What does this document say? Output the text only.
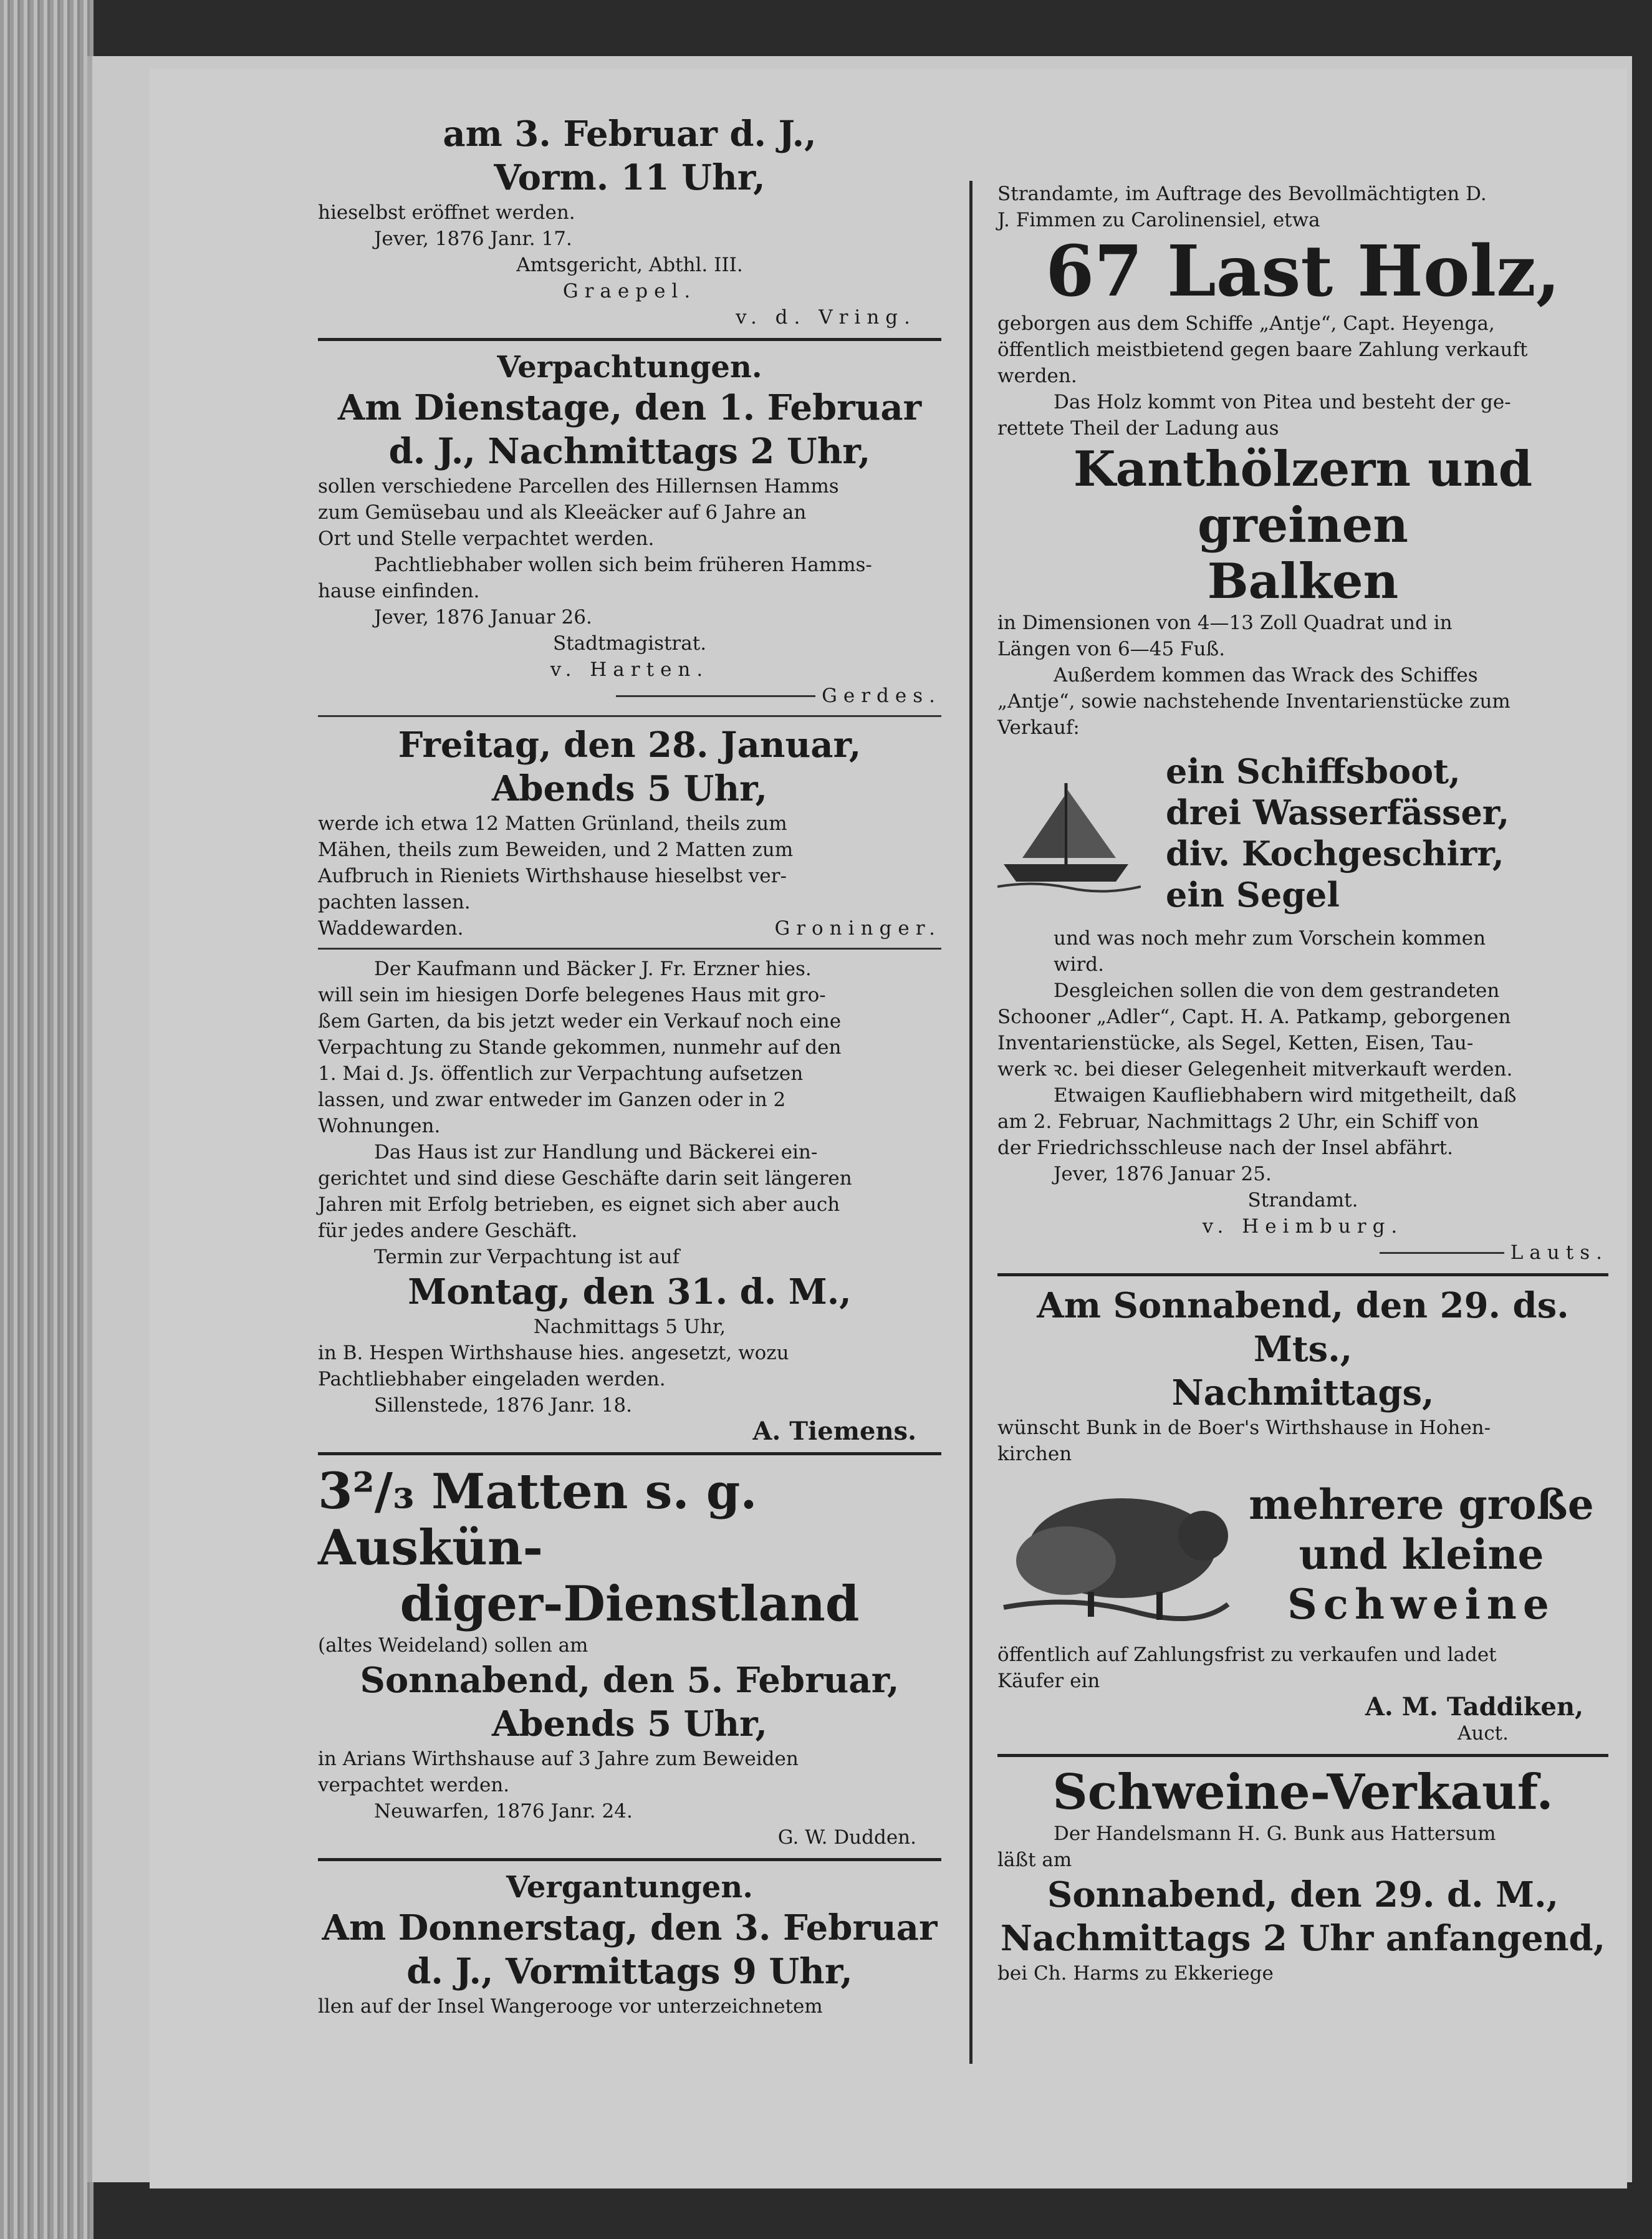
am 3. Februar d. J.,

Vorm. 11 Uhr,

hieselbst eröffnet werden.

Jever, 1876 Janr. 17.

Amtsgericht, Abthl. III.

Graepel.

v. d. Vring.

Verpachtungen.

Am Dienstage, den 1. Februar

d. J., Nachmittags 2 Uhr,

sollen verschiedene Parcellen des Hillernsen Hamms

zum Gemüsebau und als Kleeäcker auf 6 Jahre an

Ort und Stelle verpachtet werden.

Pachtliebhaber wollen sich beim früheren Hamms-

hause einfinden.

Jever, 1876 Januar 26.

Stadtmagistrat.

v. Harten.

Gerdes.

Freitag, den 28. Januar,

Abends 5 Uhr,

werde ich etwa 12 Matten Grünland, theils zum

Mähen, theils zum Beweiden, und 2 Matten zum

Aufbruch in Rieniets Wirthshause hieselbst ver-

pachten lassen.

Waddewarden.	Groninger.

Der Kaufmann und Bäcker J. Fr. Erzner hies.

will sein im hiesigen Dorfe belegenes Haus mit gro-

ßem Garten, da bis jetzt weder ein Verkauf noch eine

Verpachtung zu Stande gekommen, nunmehr auf den

1. Mai d. Js. öffentlich zur Verpachtung aufsetzen

lassen, und zwar entweder im Ganzen oder in 2

Wohnungen.

Das Haus ist zur Handlung und Bäckerei ein-

gerichtet und sind diese Geschäfte darin seit längeren

Jahren mit Erfolg betrieben, es eignet sich aber auch

für jedes andere Geschäft.

Termin zur Verpachtung ist auf

Montag, den 31. d. M.,

Nachmittags 5 Uhr,

in B. Hespen Wirthshause hies. angesetzt, wozu

Pachtliebhaber eingeladen werden.

Sillenstede, 1876 Janr. 18.

A. Tiemens.

3²/₃ Matten s. g. Auskün-

diger-Dienstland

(altes Weideland) sollen am

Sonnabend, den 5. Februar,

Abends 5 Uhr,

in Arians Wirthshause auf 3 Jahre zum Beweiden

verpachtet werden.

Neuwarfen, 1876 Janr. 24.

G. W. Dudden.

Vergantungen.

Am Donnerstag, den 3. Februar

d. J., Vormittags 9 Uhr,

llen auf der Insel Wangerooge vor unterzeichnetem

Strandamte, im Auftrage des Bevollmächtigten D.

J. Fimmen zu Carolinensiel, etwa

67 Last Holz,

geborgen aus dem Schiffe „Antje“, Capt. Heyenga,

öffentlich meistbietend gegen baare Zahlung verkauft

werden.

Das Holz kommt von Pitea und besteht der ge-

rettete Theil der Ladung aus

Kanthölzern und greinen

Balken

in Dimensionen von 4—13 Zoll Quadrat und in

Längen von 6—45 Fuß.

Außerdem kommen das Wrack des Schiffes

„Antje“, sowie nachstehende Inventarienstücke zum

Verkauf:

ein Schiffsboot,

drei Wasserfässer,

div. Kochgeschirr,

ein Segel

und was noch mehr zum Vorschein kommen

wird.

Desgleichen sollen die von dem gestrandeten

Schooner „Adler“, Capt. H. A. Patkamp, geborgenen

Inventarienstücke, als Segel, Ketten, Eisen, Tau-

werk ꝛc. bei dieser Gelegenheit mitverkauft werden.

Etwaigen Kaufliebhabern wird mitgetheilt, daß

am 2. Februar, Nachmittags 2 Uhr, ein Schiff von

der Friedrichsschleuse nach der Insel abfährt.

Jever, 1876 Januar 25.

Strandamt.

v. Heimburg.

Lauts.

Am Sonnabend, den 29. ds. Mts.,

Nachmittags,

wünscht Bunk in de Boer's Wirthshause in Hohen-

kirchen

mehrere große

und kleine

Schweine

öffentlich auf Zahlungsfrist zu verkaufen und ladet

Käufer ein

A. M. Taddiken,

Auct.

Schweine-Verkauf.

Der Handelsmann H. G. Bunk aus Hattersum

läßt am

Sonnabend, den 29. d. M.,

Nachmittags 2 Uhr anfangend,

bei Ch. Harms zu Ekkeriege
